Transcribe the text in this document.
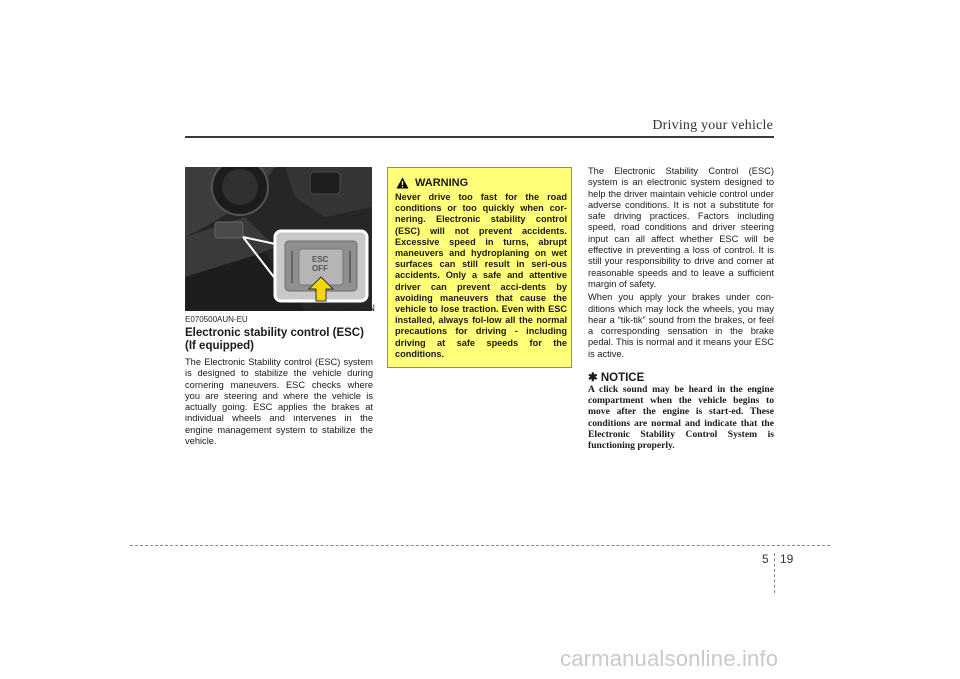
Driving your vehicle
ESC
OFF
OUN037011N
E070500AUN-EU
Electronic stability control (ESC) (If equipped)

The Electronic Stability control (ESC) system is designed to stabilize the vehicle during cornering maneuvers. ESC checks where you are steering and where the vehicle is actually going. ESC applies the brakes at individual wheels and intervenes in the engine management system to stabilize the vehicle.

WARNING

Never drive too fast for the road conditions or too quickly when cor-nering. Electronic stability control (ESC) will not prevent accidents. Excessive speed in turns, abrupt maneuvers and hydroplaning on wet surfaces can still result in seri-ous accidents. Only a safe and attentive driver can prevent acci-dents by avoiding maneuvers that cause the vehicle to lose traction. Even with ESC installed, always fol-low all the normal precautions for driving - including driving at safe speeds for the conditions.

The Electronic Stability Control (ESC) system is an electronic system designed to help the driver maintain vehicle control under adverse conditions. It is not a substitute for safe driving practices. Factors including speed, road conditions and driver steering input can all affect whether ESC will be effective in preventing a loss of control. It is still your responsibility to drive and corner at reasonable speeds and to leave a sufficient margin of safety.

When you apply your brakes under con-ditions which may lock the wheels, you may hear a “tik-tik” sound from the brakes, or feel a corresponding sensation in the brake pedal. This is normal and it means your ESC is active.

✱ NOTICE

A click sound may be heard in the engine compartment when the vehicle begins to move after the engine is start-ed. These conditions are normal and indicate that the Electronic Stability Control System is functioning properly.

5 19
carmanualsonline.info
